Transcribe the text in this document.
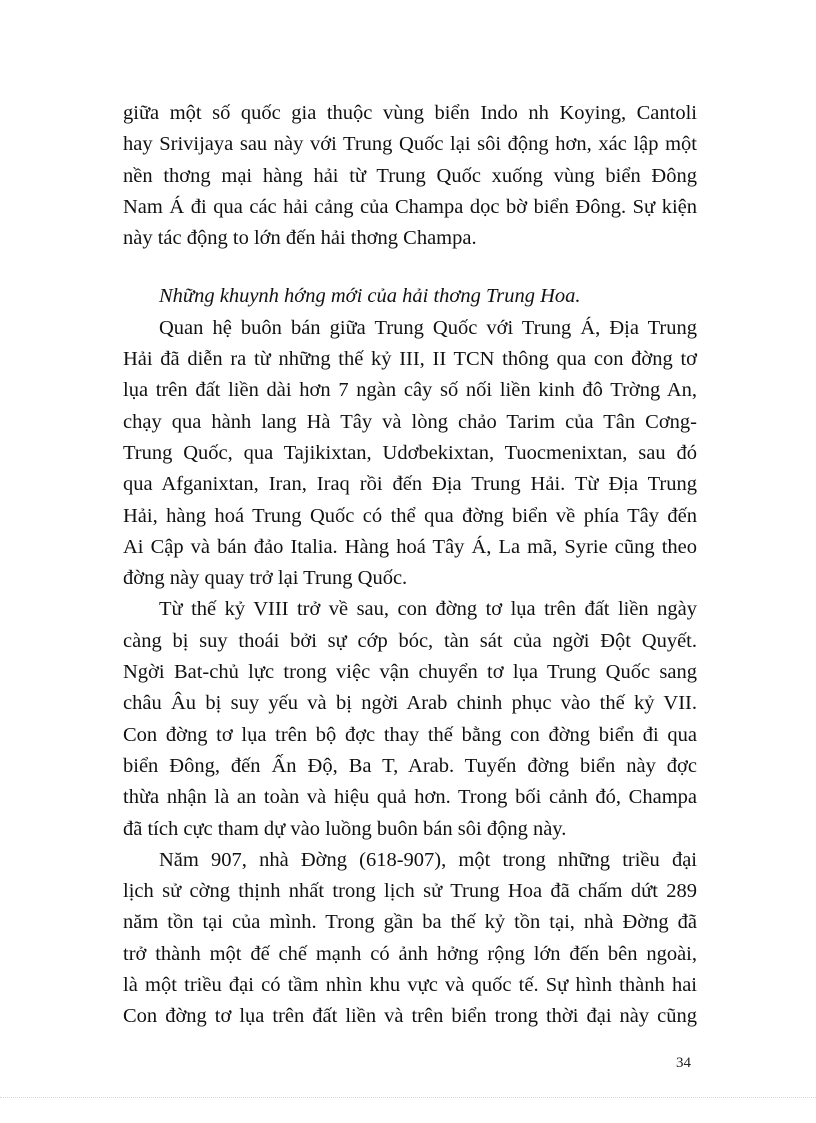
giữa một số quốc gia thuộc vùng biển Indo nh Koying, Cantoli
hay Srivijaya sau này với Trung Quốc lại sôi động hơn, xác lập một
nền thơng mại hàng hải từ Trung Quốc xuống vùng biển Đông
Nam Á đi qua các hải cảng của Champa dọc bờ biển Đông. Sự kiện
này tác động to lớn đến hải thơng Champa.

Những khuynh hớng mới của hải thơng Trung Hoa.

Quan hệ buôn bán giữa Trung Quốc với Trung Á, Địa Trung
Hải đã diễn ra từ những thế kỷ III, II TCN thông qua con đờng tơ
lụa trên đất liền dài hơn 7 ngàn cây số nối liền kinh đô Trờng An,
chạy qua hành lang Hà Tây và lòng chảo Tarim của Tân Cơng-
Trung Quốc, qua Tajikixtan, Udơbekixtan, Tuocmenixtan, sau đó
qua Afganixtan, Iran, Iraq rồi đến Địa Trung Hải. Từ Địa Trung
Hải, hàng hoá Trung Quốc có thể qua đờng biển về phía Tây đến
Ai Cập và bán đảo Italia. Hàng hoá Tây Á, La mã, Syrie cũng theo
đờng này quay trở lại Trung Quốc.

Từ thế kỷ VIII trở về sau, con đờng tơ lụa trên đất liền ngày
càng bị suy thoái bởi sự cớp bóc, tàn sát của ngời Đột Quyết.
Ngời Bat-chủ lực trong việc vận chuyển tơ lụa Trung Quốc sang
châu Âu bị suy yếu và bị ngời Arab chinh phục vào thế kỷ VII.
Con đờng tơ lụa trên bộ đợc thay thế bằng con đờng biển đi qua
biển Đông, đến Ấn Độ, Ba T, Arab. Tuyến đờng biển này đợc
thừa nhận là an toàn và hiệu quả hơn. Trong bối cảnh đó, Champa
đã tích cực tham dự vào luồng buôn bán sôi động này.

Năm 907, nhà Đờng (618-907), một trong những triều đại
lịch sử cờng thịnh nhất trong lịch sử Trung Hoa đã chấm dứt 289
năm tồn tại của mình. Trong gần ba thế kỷ tồn tại, nhà Đờng đã
trở thành một đế chế mạnh có ảnh hởng rộng lớn đến bên ngoài,
là một triều đại có tầm nhìn khu vực và quốc tế. Sự hình thành hai
Con đờng tơ lụa trên đất liền và trên biển trong thời đại này cũng

34
